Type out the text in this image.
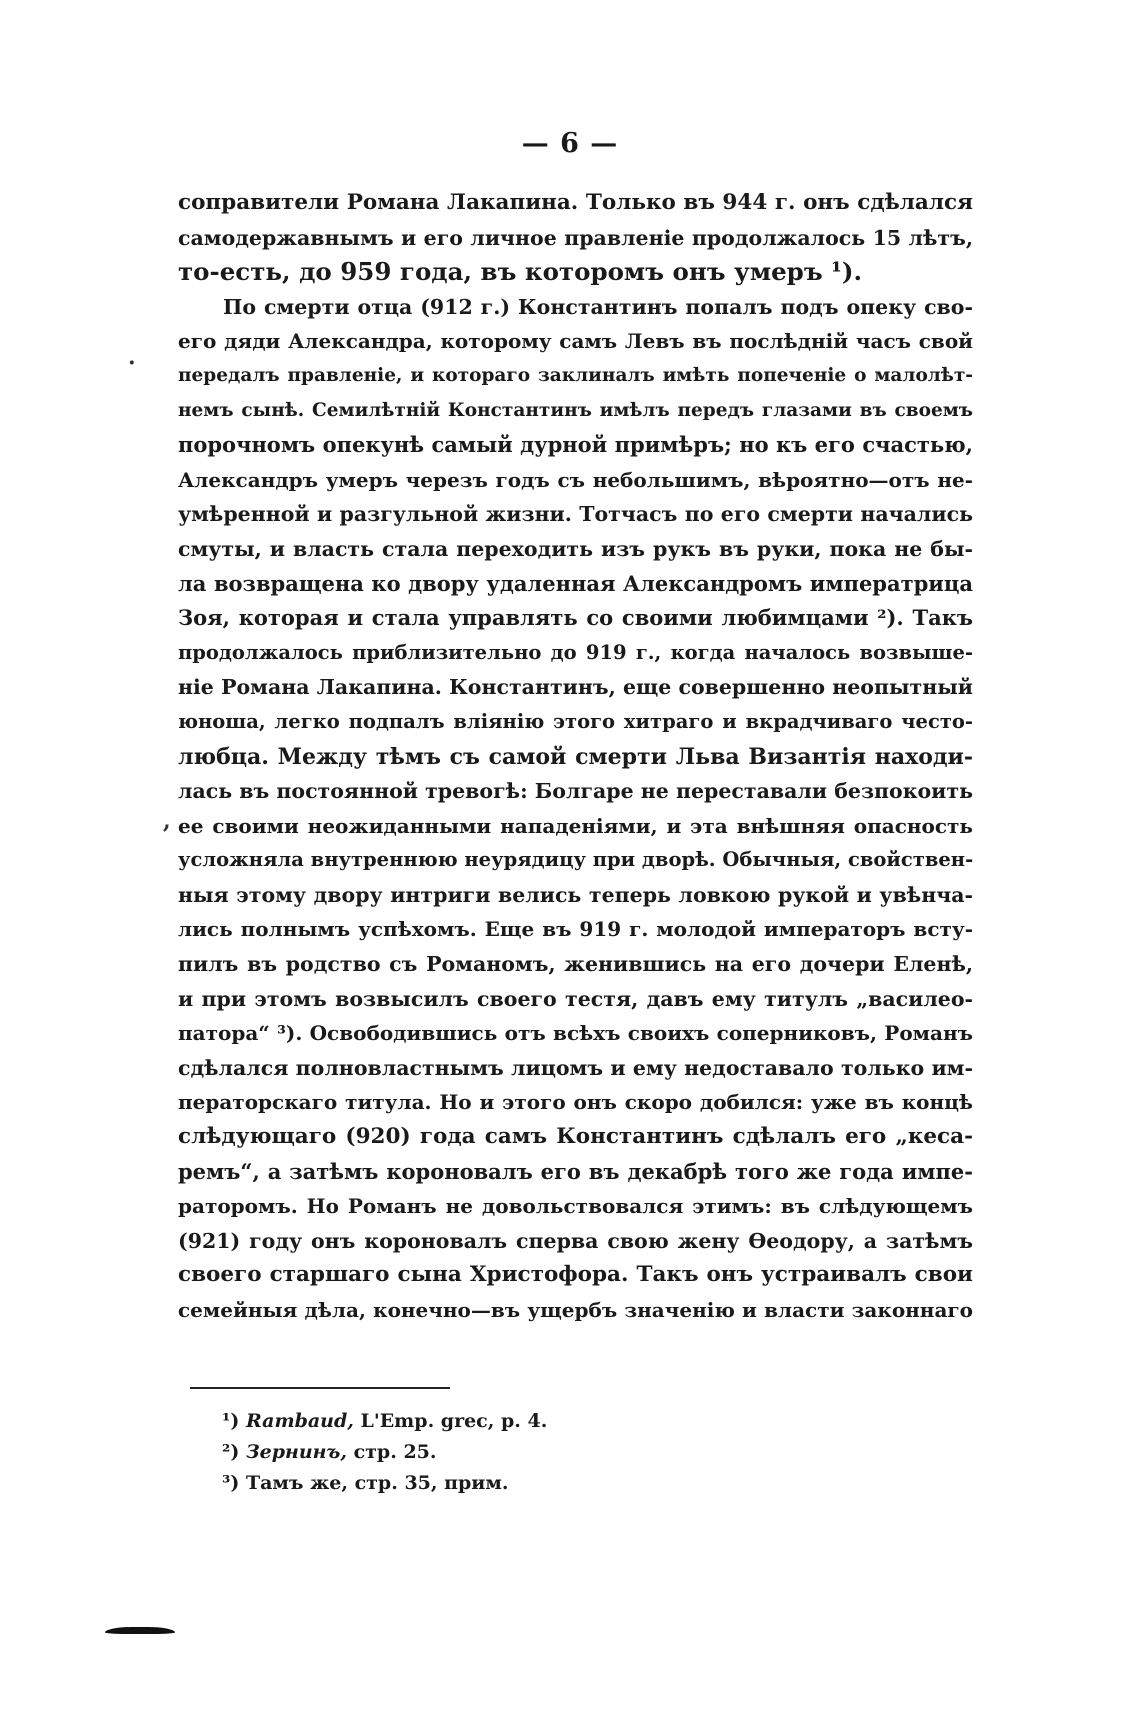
— 6 —
соправители Романа Лакапина. Только въ 944 г. онъ сдѣлался
самодержавнымъ и его личное правленіе продолжалось 15 лѣтъ,
то-есть, до 959 года, въ которомъ онъ умеръ ¹).
По смерти отца (912 г.) Константинъ попалъ подъ опеку сво-
его дяди Александра, которому самъ Левъ въ послѣдній часъ свой
передалъ правленіе, и котораго заклиналъ имѣть попеченіе о малолѣт-
немъ сынѣ. Семилѣтній Константинъ имѣлъ передъ глазами въ своемъ
порочномъ опекунѣ самый дурной примѣръ; но къ его счастью,
Александръ умеръ черезъ годъ съ небольшимъ, вѣроятно—отъ не-
умѣренной и разгульной жизни. Тотчасъ по его смерти начались
смуты, и власть стала переходить изъ рукъ въ руки, пока не бы-
ла возвращена ко двору удаленная Александромъ императрица
Зоя, которая и стала управлять со своими любимцами ²). Такъ
продолжалось приблизительно до 919 г., когда началось возвыше-
ніе Романа Лакапина. Константинъ, еще совершенно неопытный
юноша, легко подпалъ вліянію этого хитраго и вкрадчиваго често-
любца. Между тѣмъ съ самой смерти Льва Византія находи-
лась въ постоянной тревогѣ: Болгаре не переставали безпокоить
ее своими неожиданными нападеніями, и эта внѣшняя опасность
усложняла внутреннюю неурядицу при дворѣ. Обычныя, свойствен-
ныя этому двору интриги велись теперь ловкою рукой и увѣнча-
лись полнымъ успѣхомъ. Еще въ 919 г. молодой императоръ всту-
пилъ въ родство съ Романомъ, женившись на его дочери Еленѣ,
и при этомъ возвысилъ своего тестя, давъ ему титулъ „василео-
патора“ ³). Освободившись отъ всѣхъ своихъ соперниковъ, Романъ
сдѣлался полновластнымъ лицомъ и ему недоставало только им-
ператорскаго титула. Но и этого онъ скоро добился: уже въ концѣ
слѣдующаго (920) года самъ Константинъ сдѣлалъ его „кеса-
ремъ“, а затѣмъ короновалъ его въ декабрѣ того же года импе-
раторомъ. Но Романъ не довольствовался этимъ: въ слѣдующемъ
(921) году онъ короновалъ сперва свою жену Ѳеодору, а затѣмъ
своего старшаго сына Христофора. Такъ онъ устраивалъ свои
семейныя дѣла, конечно—въ ущербъ значенію и власти законнаго
¹) Rambaud, L'Emp. grec, p. 4.
²) Зернинъ, стр. 25.
³) Тамъ же, стр. 35, прим.
·
,
